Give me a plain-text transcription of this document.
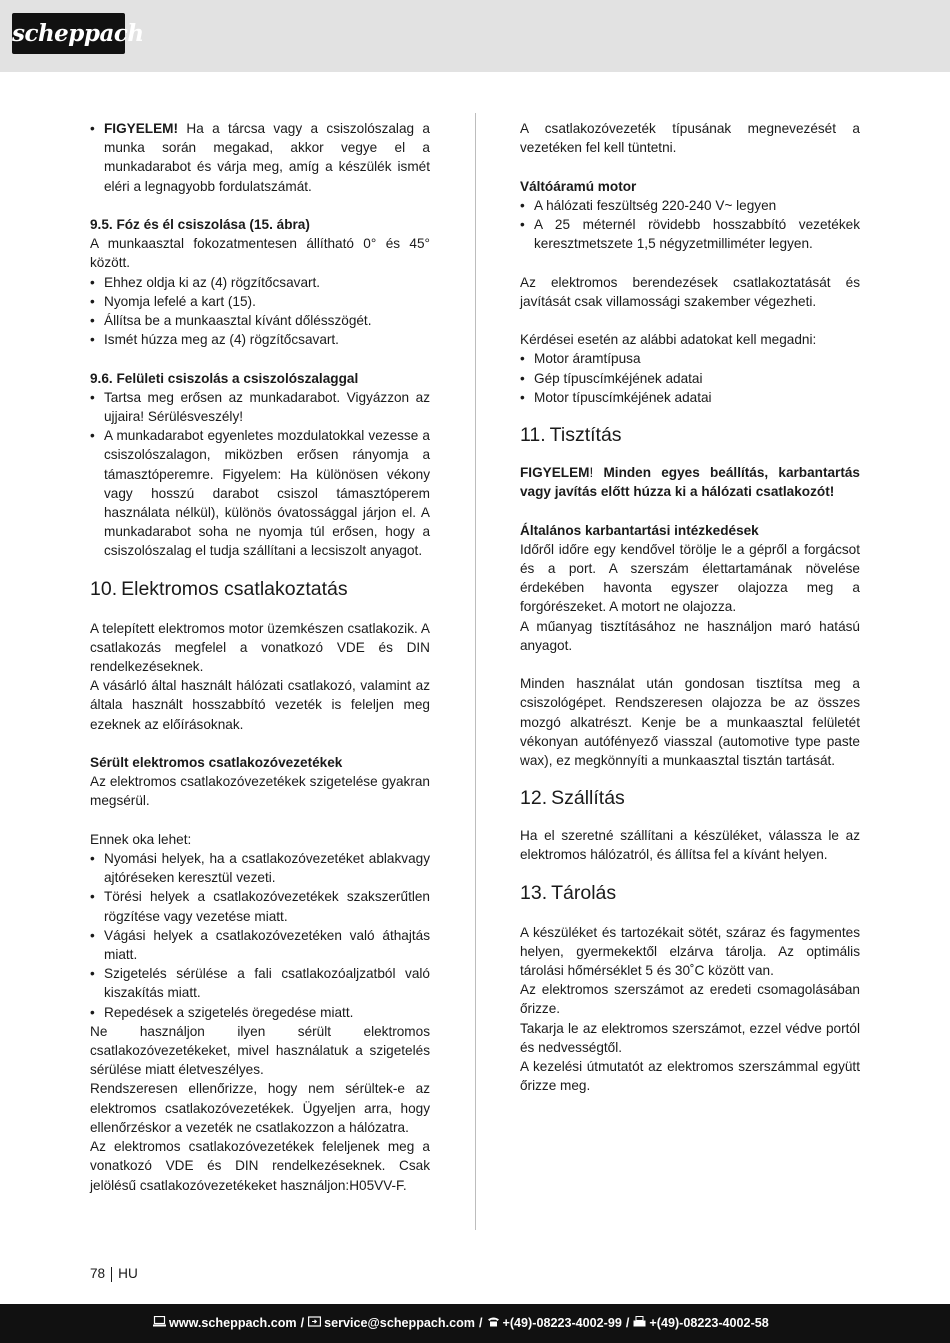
scheppach
• FIGYELEM! Ha a tárcsa vagy a csiszolószalag a munka során megakad, akkor vegye el a munkadarabot és várja meg, amíg a készülék ismét eléri a legnagyobb fordulatszámát.

9.5. Fóz és él csiszolása (15. ábra)

A munkaasztal fokozatmentesen állítható 0° és 45° között.

• Ehhez oldja ki az (4) rögzítőcsavart.
• Nyomja lefelé a kart (15).
• Állítsa be a munkaasztal kívánt dőlésszögét.
• Ismét húzza meg az (4) rögzítőcsavart.

9.6. Felületi csiszolás a csiszolószalaggal

• Tartsa meg erősen az munkadarabot. Vigyázzon az ujjaira! Sérülésveszély!
• A munkadarabot egyenletes mozdulatokkal vezesse a csiszolószalagon, miközben erősen rányomja a támasztóperemre. Figyelem: Ha különösen vékony vagy hosszú darabot csiszol támasztóperem használata nélkül), különös óvatossággal járjon el. A munkadarabot soha ne nyomja túl erősen, hogy a csiszolószalag el tudja szállítani a lecsiszolt anyagot.

10. Elektromos csatlakoztatás

A telepített elektromos motor üzemkészen csatlakozik. A csatlakozás megfelel a vonatkozó VDE és DIN rendelkezéseknek.

A vásárló által használt hálózati csatlakozó, valamint az általa használt hosszabbító vezeték is feleljen meg ezeknek az előírásoknak.

Sérült elektromos csatlakozóvezetékek

Az elektromos csatlakozóvezetékek szigetelése gyakran megsérül.

Ennek oka lehet:

• Nyomási helyek, ha a csatlakozóvezetéket ablakvagy ajtóréseken keresztül vezeti.
• Törési helyek a csatlakozóvezetékek szakszerűtlen rögzítése vagy vezetése miatt.
• Vágási helyek a csatlakozóvezetéken való áthajtás miatt.
• Szigetelés sérülése a fali csatlakozóaljzatból való kiszakítás miatt.
• Repedések a szigetelés öregedése miatt.

Ne használjon ilyen sérült elektromos csatlakozóvezetékeket, mivel használatuk a szigetelés sérülése miatt életveszélyes.

Rendszeresen ellenőrizze, hogy nem sérültek-e az elektromos csatlakozóvezetékek. Ügyeljen arra, hogy ellenőrzéskor a vezeték ne csatlakozzon a hálózatra.

Az elektromos csatlakozóvezetékek feleljenek meg a vonatkozó VDE és DIN rendelkezéseknek. Csak jelölésű csatlakozóvezetékeket használjon:H05VV-F.

A csatlakozóvezeték típusának megnevezését a vezetéken fel kell tüntetni.

Váltóáramú motor

• A hálózati feszültség 220-240 V~ legyen
• A 25 méternél rövidebb hosszabbító vezetékek keresztmetszete 1,5 négyzetmilliméter legyen.

Az elektromos berendezések csatlakoztatását és javítását csak villamossági szakember végezheti.

Kérdései esetén az alábbi adatokat kell megadni:

• Motor áramtípusa
• Gép típuscímkéjének adatai
• Motor típuscímkéjének adatai

11. Tisztítás

FIGYELEM! Minden egyes beállítás, karbantartás vagy javítás előtt húzza ki a hálózati csatlakozót!

Általános karbantartási intézkedések

Időről időre egy kendővel törölje le a gépről a forgácsot és a port. A szerszám élettartamának növelése érdekében havonta egyszer olajozza meg a forgórészeket. A motort ne olajozza.

A műanyag tisztításához ne használjon maró hatású anyagot.

Minden használat után gondosan tisztítsa meg a csiszológépet. Rendszeresen olajozza be az összes mozgó alkatrészt. Kenje be a munkaasztal felületét vékonyan autófényező viasszal (automotive type paste wax), ez megkönnyíti a munkaasztal tisztán tartását.

12. Szállítás

Ha el szeretné szállítani a készüléket, válassza le az elektromos hálózatról, és állítsa fel a kívánt helyen.

13. Tárolás

A készüléket és tartozékait sötét, száraz és fagymentes helyen, gyermekektől elzárva tárolja. Az optimális tárolási hőmérséklet 5 és 30˚C között van.

Az elektromos szerszámot az eredeti csomagolásában őrizze.

Takarja le az elektromos szerszámot, ezzel védve portól és nedvességtől.

A kezelési útmutatót az elektromos szerszámmal együtt őrizze meg.

78 HU
www.scheppach.com / service@scheppach.com / +(49)-08223-4002-99 / +(49)-08223-4002-58
